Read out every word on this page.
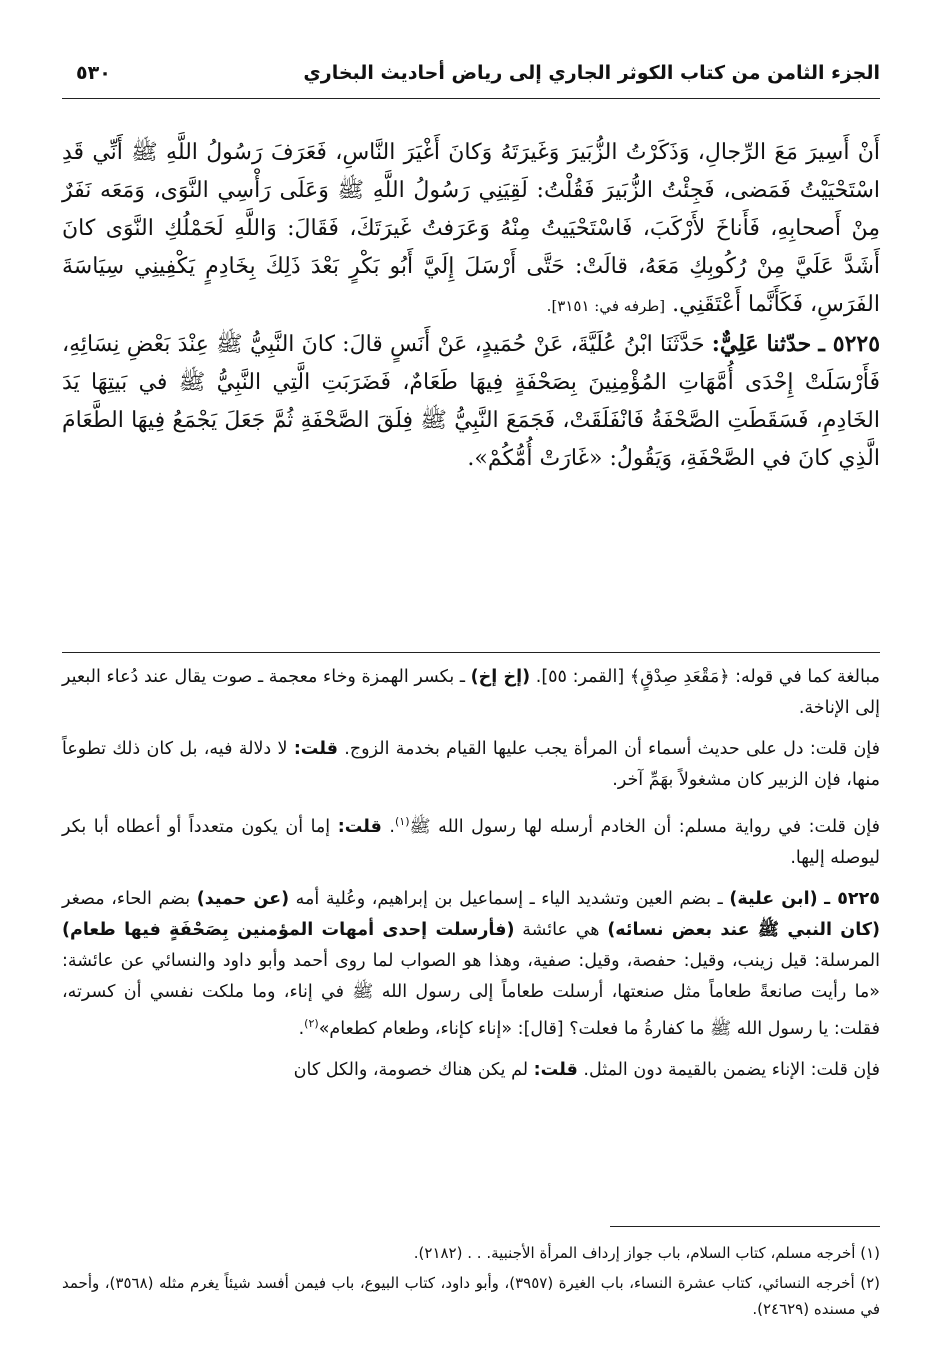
الجزء الثامن من كتاب الكوثر الجاري إلى رياض أحاديث البخاري
٥٣٠

أَنْ أَسِيرَ مَعَ الرِّجالِ، وَذَكَرْتُ الزُّبَيرَ وَغَيرَتَهُ وَكانَ أَغْيَرَ النَّاسِ، فَعَرَفَ رَسُولُ اللَّهِ ﷺ أَنِّي قَدِ اسْتَحْيَيْتُ فَمَضى، فَجِئْتُ الزُّبَيرَ فَقُلْتُ: لَقِيَنِي رَسُولُ اللَّهِ ﷺ وَعَلَى رَأْسِي النَّوَى، وَمَعَه نَفَرٌ مِنْ أَصحابِهِ، فَأَناخَ لأَرْكَبَ، فَاسْتَحْيَيتُ مِنْهُ وَعَرَفتُ غَيرَتَكَ، فَقَالَ: وَاللَّهِ لَحَمْلُكِ النَّوَى كانَ أَشَدَّ عَلَيَّ مِنْ رُكُوبِكِ مَعَهُ، قالَتْ: حَتَّى أَرْسَلَ إِلَيَّ أَبُو بَكْرٍ بَعْدَ ذَلِكَ بِخَادِمٍ يَكْفِينِي سِيَاسَةَ الفَرَسِ، فَكَأَنَّما أَعْتَقَنِي. [طرفه في: ٣١٥١].

٥٢٢٥ ـ حدّثنا عَلِيٌّ: حَدَّثَنَا ابْنُ عُلَيَّةَ، عَنْ حُمَيدٍ، عَنْ أَنَسٍ قالَ: كانَ النَّبِيُّ ﷺ عِنْدَ بَعْضِ نِسَائِهِ، فَأَرْسَلَتْ إِحْدَى أُمَّهَاتِ المُؤْمِنِينَ بِصَحْفَةٍ فِيهَا طَعَامٌ، فَضَرَبَتِ الَّتِي النَّبِيُّ ﷺ في بَيتِهَا يَدَ الخَادِمِ، فَسَقَطَتِ الصَّحْفَةُ فَانْفَلَقَتْ، فَجَمَعَ النَّبِيُّ ﷺ فِلَقَ الصَّحْفَةِ ثُمَّ جَعَلَ يَجْمَعُ فِيهَا الطَّعَامَ الَّذِي كانَ في الصَّحْفَةِ، وَيَقُولُ: «غَارَتْ أُمُّكُمْ».

مبالغة كما في قوله: ﴿مَقْعَدِ صِدْقٍ﴾ [القمر: ٥٥]. (إخ إخ) ـ بكسر الهمزة وخاء معجمة ـ صوت يقال عند دُعاء البعير إلى الإناخة.

فإن قلت: دل على حديث أسماء أن المرأة يجب عليها القيام بخدمة الزوج. قلت: لا دلالة فيه، بل كان ذلك تطوعاً منها، فإن الزبير كان مشغولاً بهَمِّ آخر.

فإن قلت: في رواية مسلم: أن الخادم أرسله لها رسول الله ﷺ$^{(١)}$. قلت: إما أن يكون متعدداً أو أعطاه أبا بكر ليوصله إليها.

٥٢٢٥ ـ (ابن علية) ـ بضم العين وتشديد الياء ـ إسماعيل بن إبراهيم، وعُلية أمه (عن حميد) بضم الحاء، مصغر (كان النبي ﷺ عند بعض نسائه) هي عائشة (فأرسلت إحدى أمهات المؤمنين بِصَحْفَةٍ فيها طعام) المرسلة: قيل زينب، وقيل: حفصة، وقيل: صفية، وهذا هو الصواب لما روى أحمد وأبو داود والنسائي عن عائشة: «ما رأيت صانعةً طعاماً مثل صنعتها، أرسلت طعاماً إلى رسول الله ﷺ في إناء، وما ملكت نفسي أن كسرته، فقلت: يا رسول الله ﷺ ما كفارةُ ما فعلت؟ [قال]: «إناء كإناء، وطعام كطعام»$^{(٢)}$.

فإن قلت: الإناء يضمن بالقيمة دون المثل. قلت: لم يكن هناك خصومة، والكل كان

(١) أخرجه مسلم، كتاب السلام، باب جواز إرداف المرأة الأجنبية. . . (٢١٨٢).

(٢) أخرجه النسائي، كتاب عشرة النساء، باب الغيرة (٣٩٥٧)، وأبو داود، كتاب البيوع، باب فيمن أفسد شيئاً يغرم مثله (٣٥٦٨)، وأحمد في مسنده (٢٤٦٢٩).
